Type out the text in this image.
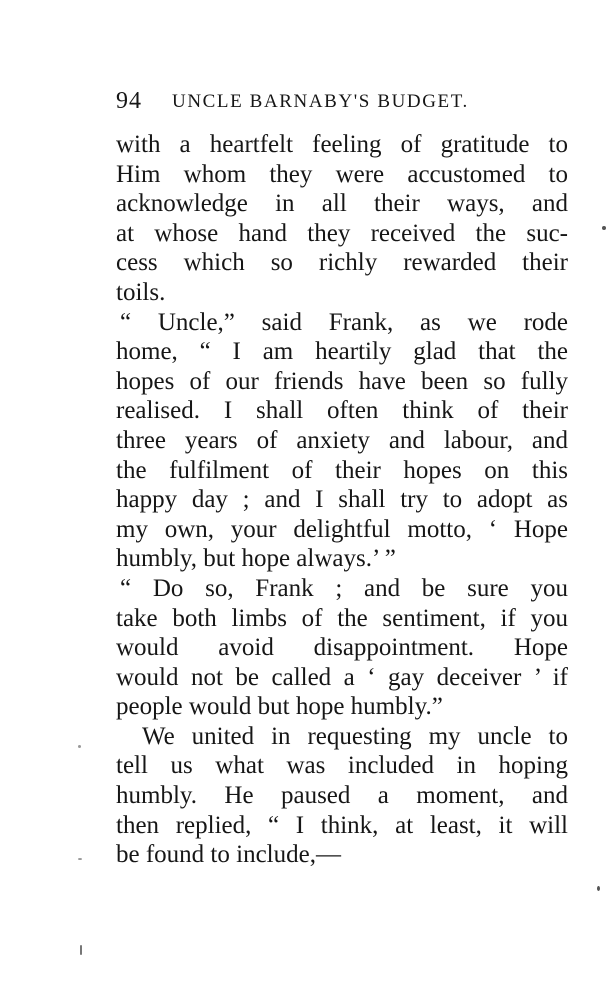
94 UNCLE BARNABY'S BUDGET.

with a heartfelt feeling of gratitude to
Him whom they were accustomed to
acknowledge in all their ways, and
at whose hand they received the suc-
cess which so richly rewarded their
toils.

“ Uncle,” said Frank, as we rode
home, “ I am heartily glad that the
hopes of our friends have been so fully
realised. I shall often think of their
three years of anxiety and labour, and
the fulfilment of their hopes on this
happy day ; and I shall try to adopt as
my own, your delightful motto, ‘ Hope
humbly, but hope always.’ ”

“ Do so, Frank ; and be sure you
take both limbs of the sentiment, if you
would avoid disappointment. Hope
would not be called a ‘ gay deceiver ’ if
people would but hope humbly.”

We united in requesting my uncle to
tell us what was included in hoping
humbly. He paused a moment, and
then replied, “ I think, at least, it will
be found to include,—
